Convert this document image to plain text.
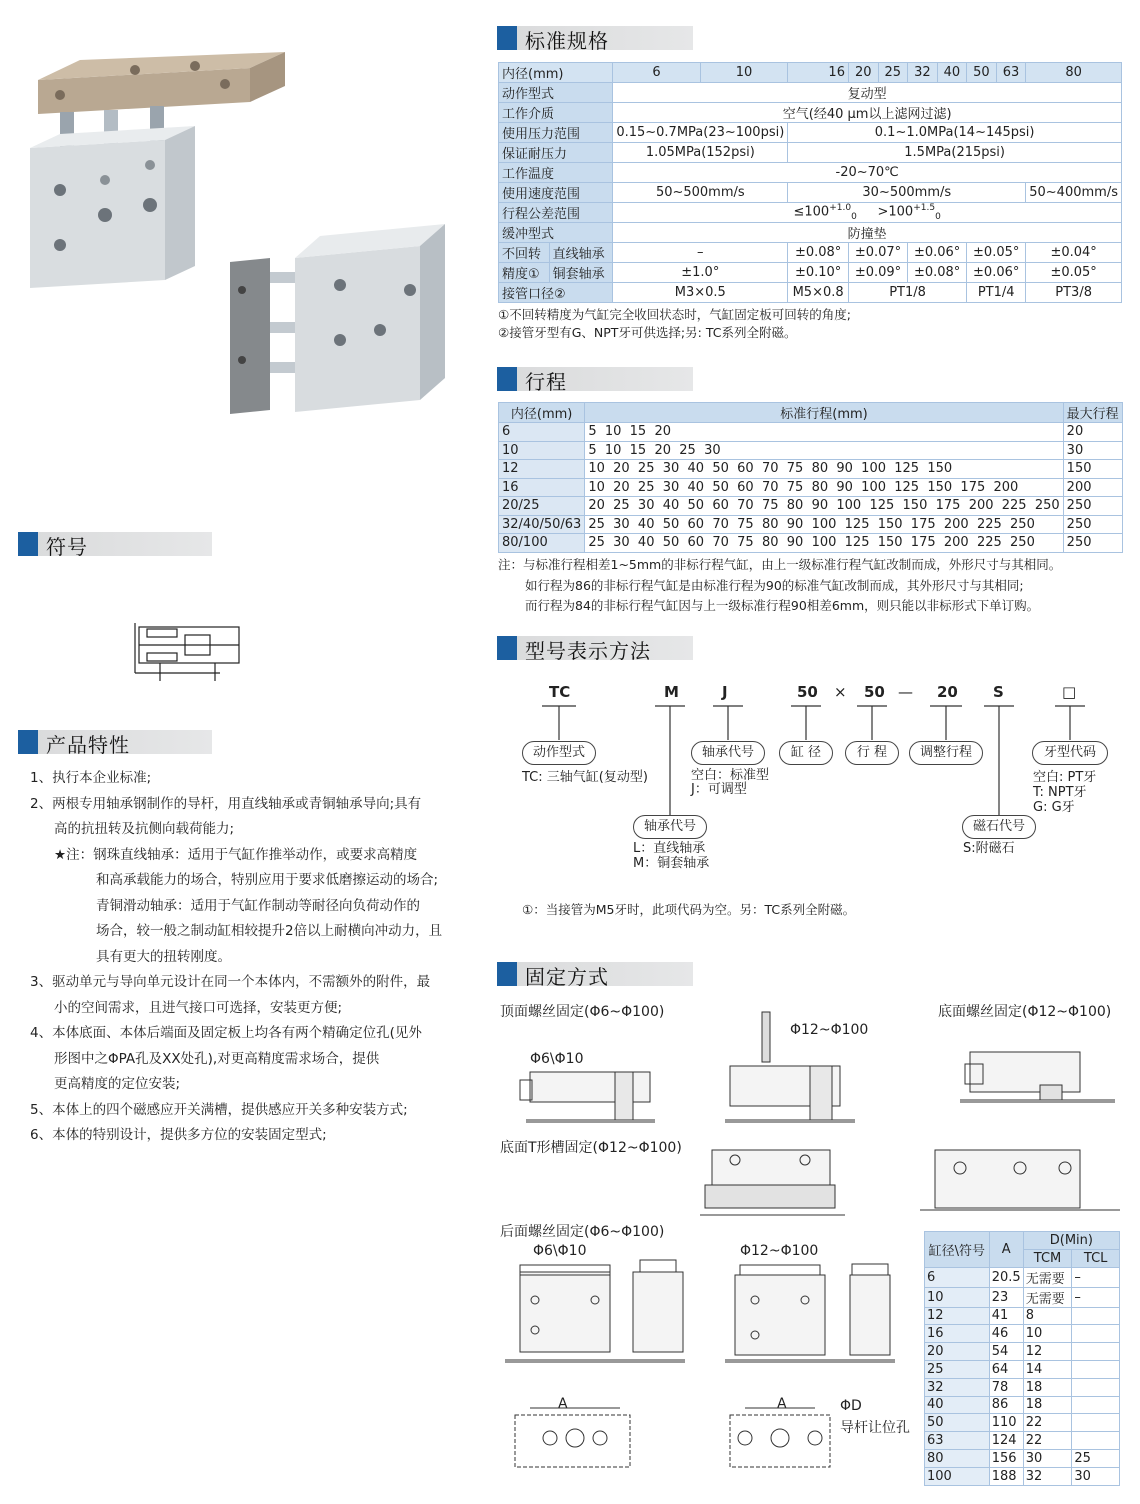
符号
产品特性
1、执行本企业标准;
2、两根专用轴承钢制作的导杆，用直线轴承或青铜轴承导向;具有
高的抗扭转及抗侧向载荷能力;
★注：钢珠直线轴承：适用于气缸作推举动作，或要求高精度
和高承载能力的场合，特别应用于要求低磨擦运动的场合;
青铜滑动轴承：适用于气缸作制动等耐径向负荷动作的
场合，较一般之制动缸相较提升2倍以上耐横向冲动力，且
具有更大的扭转刚度。
3、驱动单元与导向单元设计在同一个本体内，不需额外的附件，最
小的空间需求，且进气接口可选择，安装更方便;
4、本体底面、本体后端面及固定板上均各有两个精确定位孔(见外
形图中之ΦPA孔及XX处孔),对更高精度需求场合，提供
更高精度的定位安装;
5、本体上的四个磁感应开关满槽，提供感应开关多种安装方式;
6、本体的特别设计，提供多方位的安装固定型式;
标准规格
内径(mm)		6	10	16	20	25	32	40	50	63	80
动作型式		复动型									
工作介质		空气(经40 μm以上滤网过滤)									
使用压力范围		0.15~0.7MPa(23~100psi)		0.1~1.0MPa(14~145psi)							
保证耐压力		1.05MPa(152psi)		1.5MPa(215psi)							
工作温度		-20~70℃									
使用速度范围		50~500mm/s		30~500mm/s							50~400mm/s
行程公差范围		$\le 100^{+1.0}_0 >100^{+1.5}_0$
缓冲型式		防撞垫									
不回转	直线轴承	–		±0.08°	±0.07°		±0.06°		±0.05°		±0.04°
精度①	铜套轴承	±1.0°		±0.10°	±0.09°		±0.08°		±0.06°		±0.05°
接管口径②		M3×0.5		M5×0.8	PT1/8				PT1/4		PT3/8
①不回转精度为气缸完全收回状态时，气缸固定板可回转的角度;
②接管牙型有G、NPT牙可供选择;另: TC系列全附磁。
行程
内径(mm)	标准行程(mm)	最大行程
6	5  10  15  20	20
10	5  10  15  20  25  30	30
12	10  20  25  30  40  50  60  70  75  80  90  100  125  150	150
16	10  20  25  30  40  50  60  70  75  80  90  100  125  150  175  200	200
20/25	20  25  30  40  50  60  70  75  80  90  100  125  150  175  200  225  250	250
32/40/50/63	25  30  40  50  60  70  75  80  90  100  125  150  175  200  225  250	250
80/100	25  30  40  50  60  70  75  80  90  100  125  150  175  200  225  250	250
注：与标准行程相差1~5mm的非标行程气缸，由上一级标准行程气缸改制而成，外形尺寸与其相同。
如行程为86的非标行程气缸是由标准行程为90的标准气缸改制而成，其外形尺寸与其相同;
而行程为84的非标行程气缸因与上一级标准行程90相差6mm，则只能以非标形式下单订购。
型号表示方法
TC	M	J	50 × 50 — 20 S	□
动作型式
TC: 三轴气缸(复动型)
轴承代号
空白：标准型
J：可调型
缸 径	行 程	调整行程	牙型代码
空白: PT牙
T: NPT牙
G: G牙
轴承代号
L：直线轴承
M：铜套轴承
磁石代号
S:附磁石
①：当接管为M5牙时，此项代码为空。另：TC系列全附磁。
固定方式
顶面螺丝固定(Φ6~Φ100)
Φ6\Φ10
Φ12~Φ100
底面螺丝固定(Φ12~Φ100)
底面T形槽固定(Φ12~Φ100)
后面螺丝固定(Φ6~Φ100)
Φ6\Φ10	Φ12~Φ100
A	A	ΦD
导杆让位孔
缸径\符号	A	D(Min)	
		TCM	TCL
6	20.5	无需要	–
10	23	无需要	–
12	41	8	
16	46	10	
20	54	12	
25	64	14	
32	78	18	
40	86	18	
50	110	22	
63	124	22	
80	156	30	25
100	188	32	30
